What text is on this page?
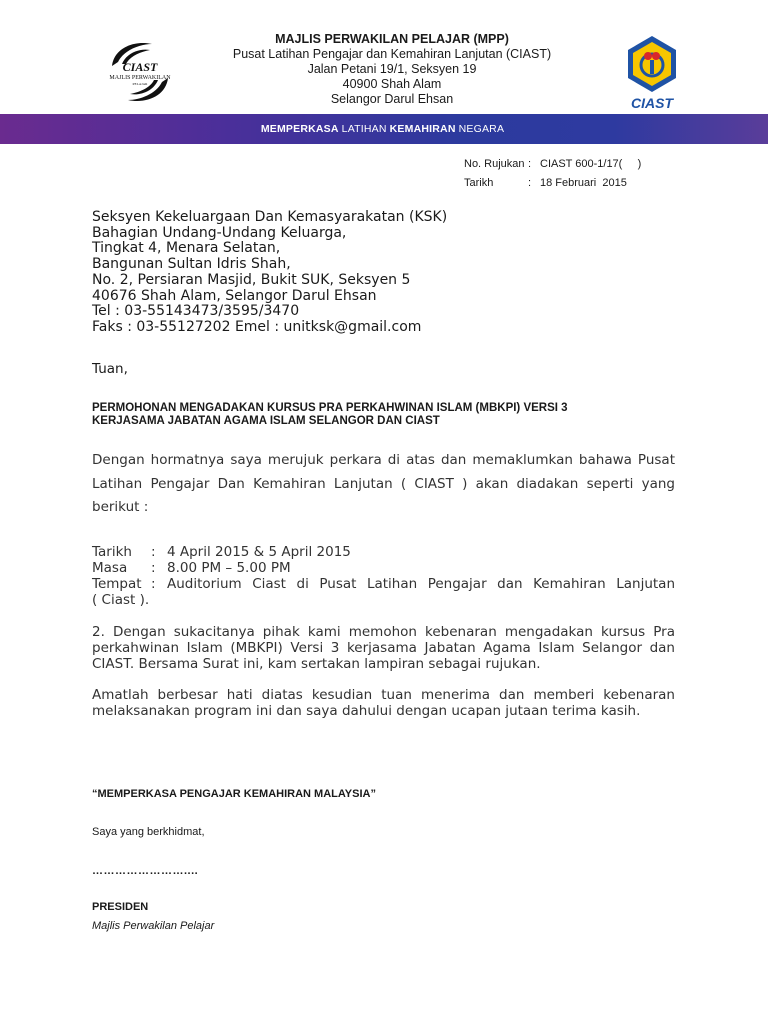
CIAST
MAJLIS PERWAKILAN
PELAJAR
MAJLIS PERWAKILAN PELAJAR (MPP)
Pusat Latihan Pengajar dan Kemahiran Lanjutan (CIAST)
Jalan Petani 19/1, Seksyen 19
40900 Shah Alam
Selangor Darul Ehsan	CIAST
MEMPERKASA LATIHAN KEMAHIRAN NEGARA
No. Rujukan : CIAST 600-1/17(     )
Tarikh	: 18 Februari  2015
Seksyen Kekeluargaan Dan Kemasyarakatan (KSK)
Bahagian Undang-Undang Keluarga,
Tingkat 4, Menara Selatan,
Bangunan Sultan Idris Shah,
No. 2, Persiaran Masjid, Bukit SUK, Seksyen 5
40676 Shah Alam, Selangor Darul Ehsan
Tel : 03-55143473/3595/3470
Faks : 03-55127202 Emel : unitksk@gmail.com
Tuan,
PERMOHONAN MENGADAKAN KURSUS PRA PERKAHWINAN ISLAM (MBKPI) VERSI 3
KERJASAMA JABATAN AGAMA ISLAM SELANGOR DAN CIAST
Dengan hormatnya saya merujuk perkara di atas dan memaklumkan bahawa Pusat Latihan Pengajar Dan Kemahiran Lanjutan ( CIAST ) akan diadakan seperti yang berikut :
Tarikh	: 4 April 2015 & 5 April 2015
Masa	: 8.00 PM – 5.00 PM
Tempat : Auditorium Ciast di Pusat Latihan Pengajar dan Kemahiran Lanjutan
( Ciast ).
2. Dengan sukacitanya pihak kami memohon kebenaran mengadakan kursus Pra perkahwinan Islam (MBKPI) Versi 3 kerjasama Jabatan Agama Islam Selangor dan CIAST. Bersama Surat ini, kam sertakan lampiran sebagai rujukan.
Amatlah berbesar hati diatas kesudian tuan menerima dan memberi kebenaran melaksanakan program ini dan saya dahului dengan ucapan jutaan terima kasih.
“MEMPERKASA PENGAJAR KEMAHIRAN MALAYSIA”
Saya yang berkhidmat,
……………………....
PRESIDEN
Majlis Perwakilan Pelajar
